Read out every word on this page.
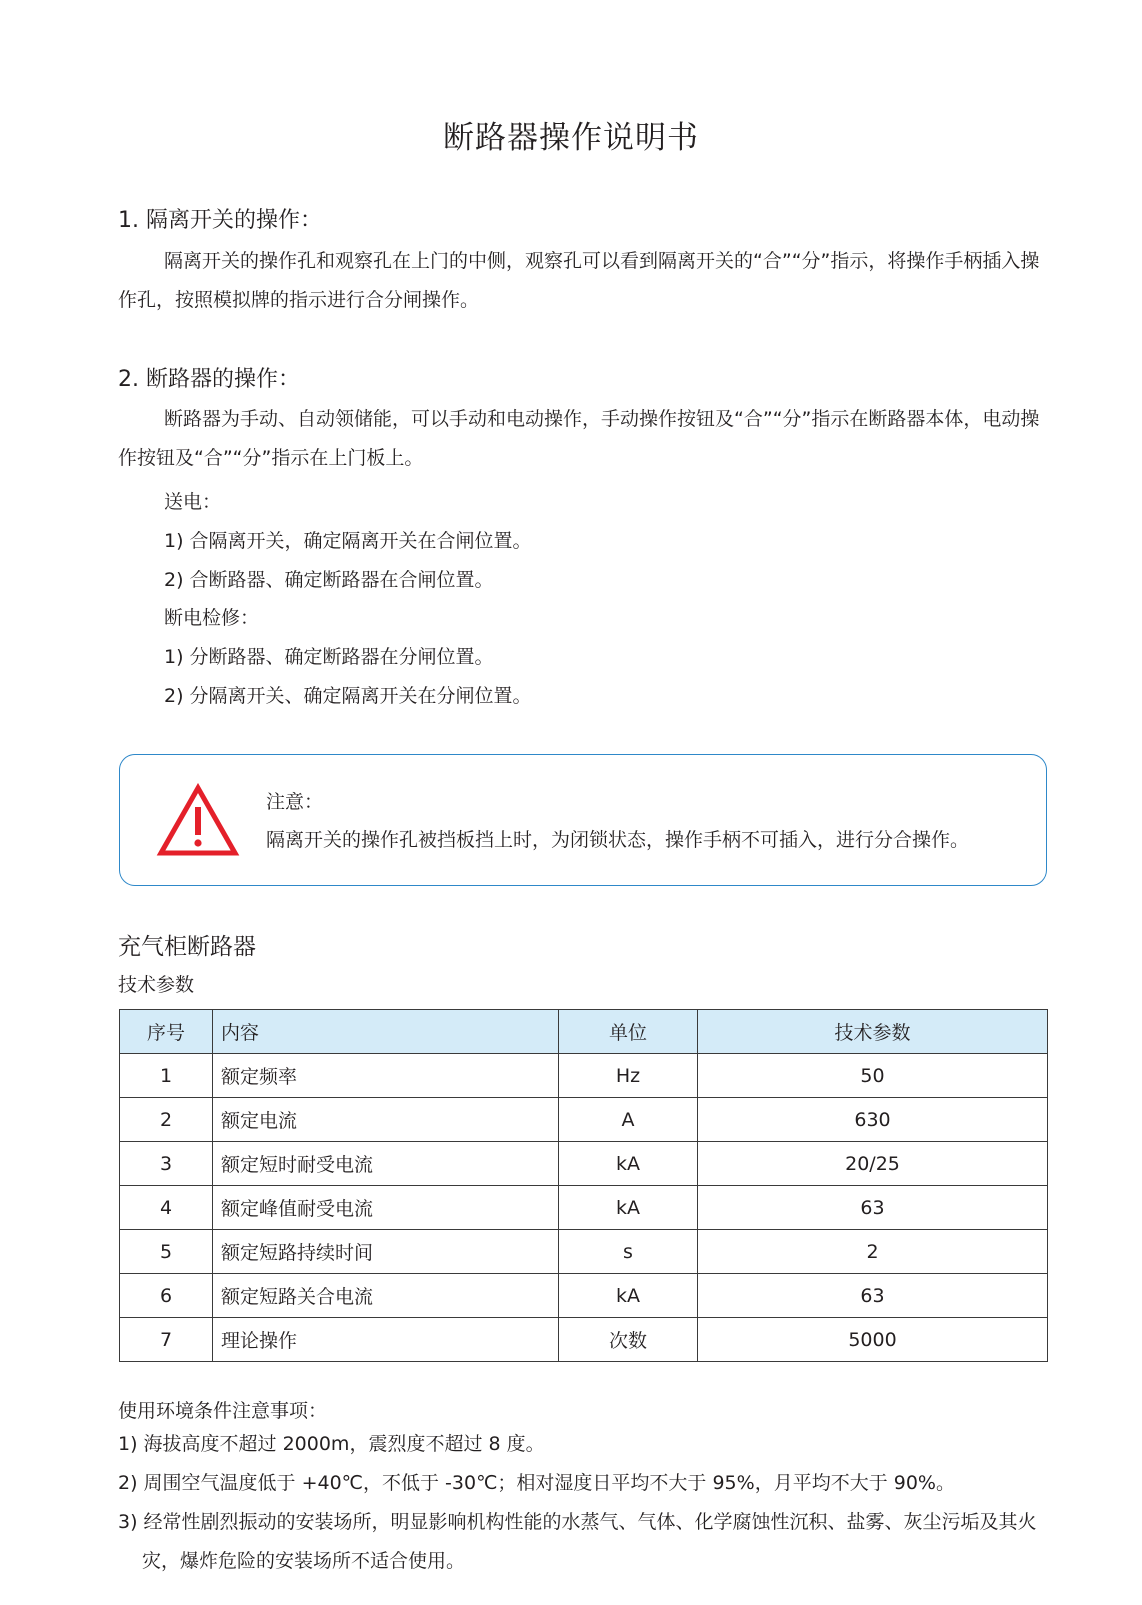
断路器操作说明书
1. 隔离开关的操作：
隔离开关的操作孔和观察孔在上门的中侧，观察孔可以看到隔离开关的“合”“分”指示，将操作手柄插入操作孔，按照模拟牌的指示进行合分闸操作。
2. 断路器的操作：
断路器为手动、自动领储能，可以手动和电动操作，手动操作按钮及“合”“分”指示在断路器本体，电动操作按钮及“合”“分”指示在上门板上。
送电：
1) 合隔离开关，确定隔离开关在合闸位置。
2) 合断路器、确定断路器在合闸位置。
断电检修：
1) 分断路器、确定断路器在分闸位置。
2) 分隔离开关、确定隔离开关在分闸位置。
注意：
隔离开关的操作孔被挡板挡上时，为闭锁状态，操作手柄不可插入，进行分合操作。
充气柜断路器
技术参数
序号	内容	单位	技术参数
1	额定频率	Hz	50
2	额定电流	A	630
3	额定短时耐受电流	kA	20/25
4	额定峰值耐受电流	kA	63
5	额定短路持续时间	s	2
6	额定短路关合电流	kA	63
7	理论操作	次数	5000
使用环境条件注意事项：
1) 海拔高度不超过 2000m，震烈度不超过 8 度。
2) 周围空气温度低于 +40℃，不低于 -30℃；相对湿度日平均不大于 95%，月平均不大于 90%。
3) 经常性剧烈振动的安装场所，明显影响机构性能的水蒸气、气体、化学腐蚀性沉积、盐雾、灰尘污垢及其火灾，爆炸危险的安装场所不适合使用。
